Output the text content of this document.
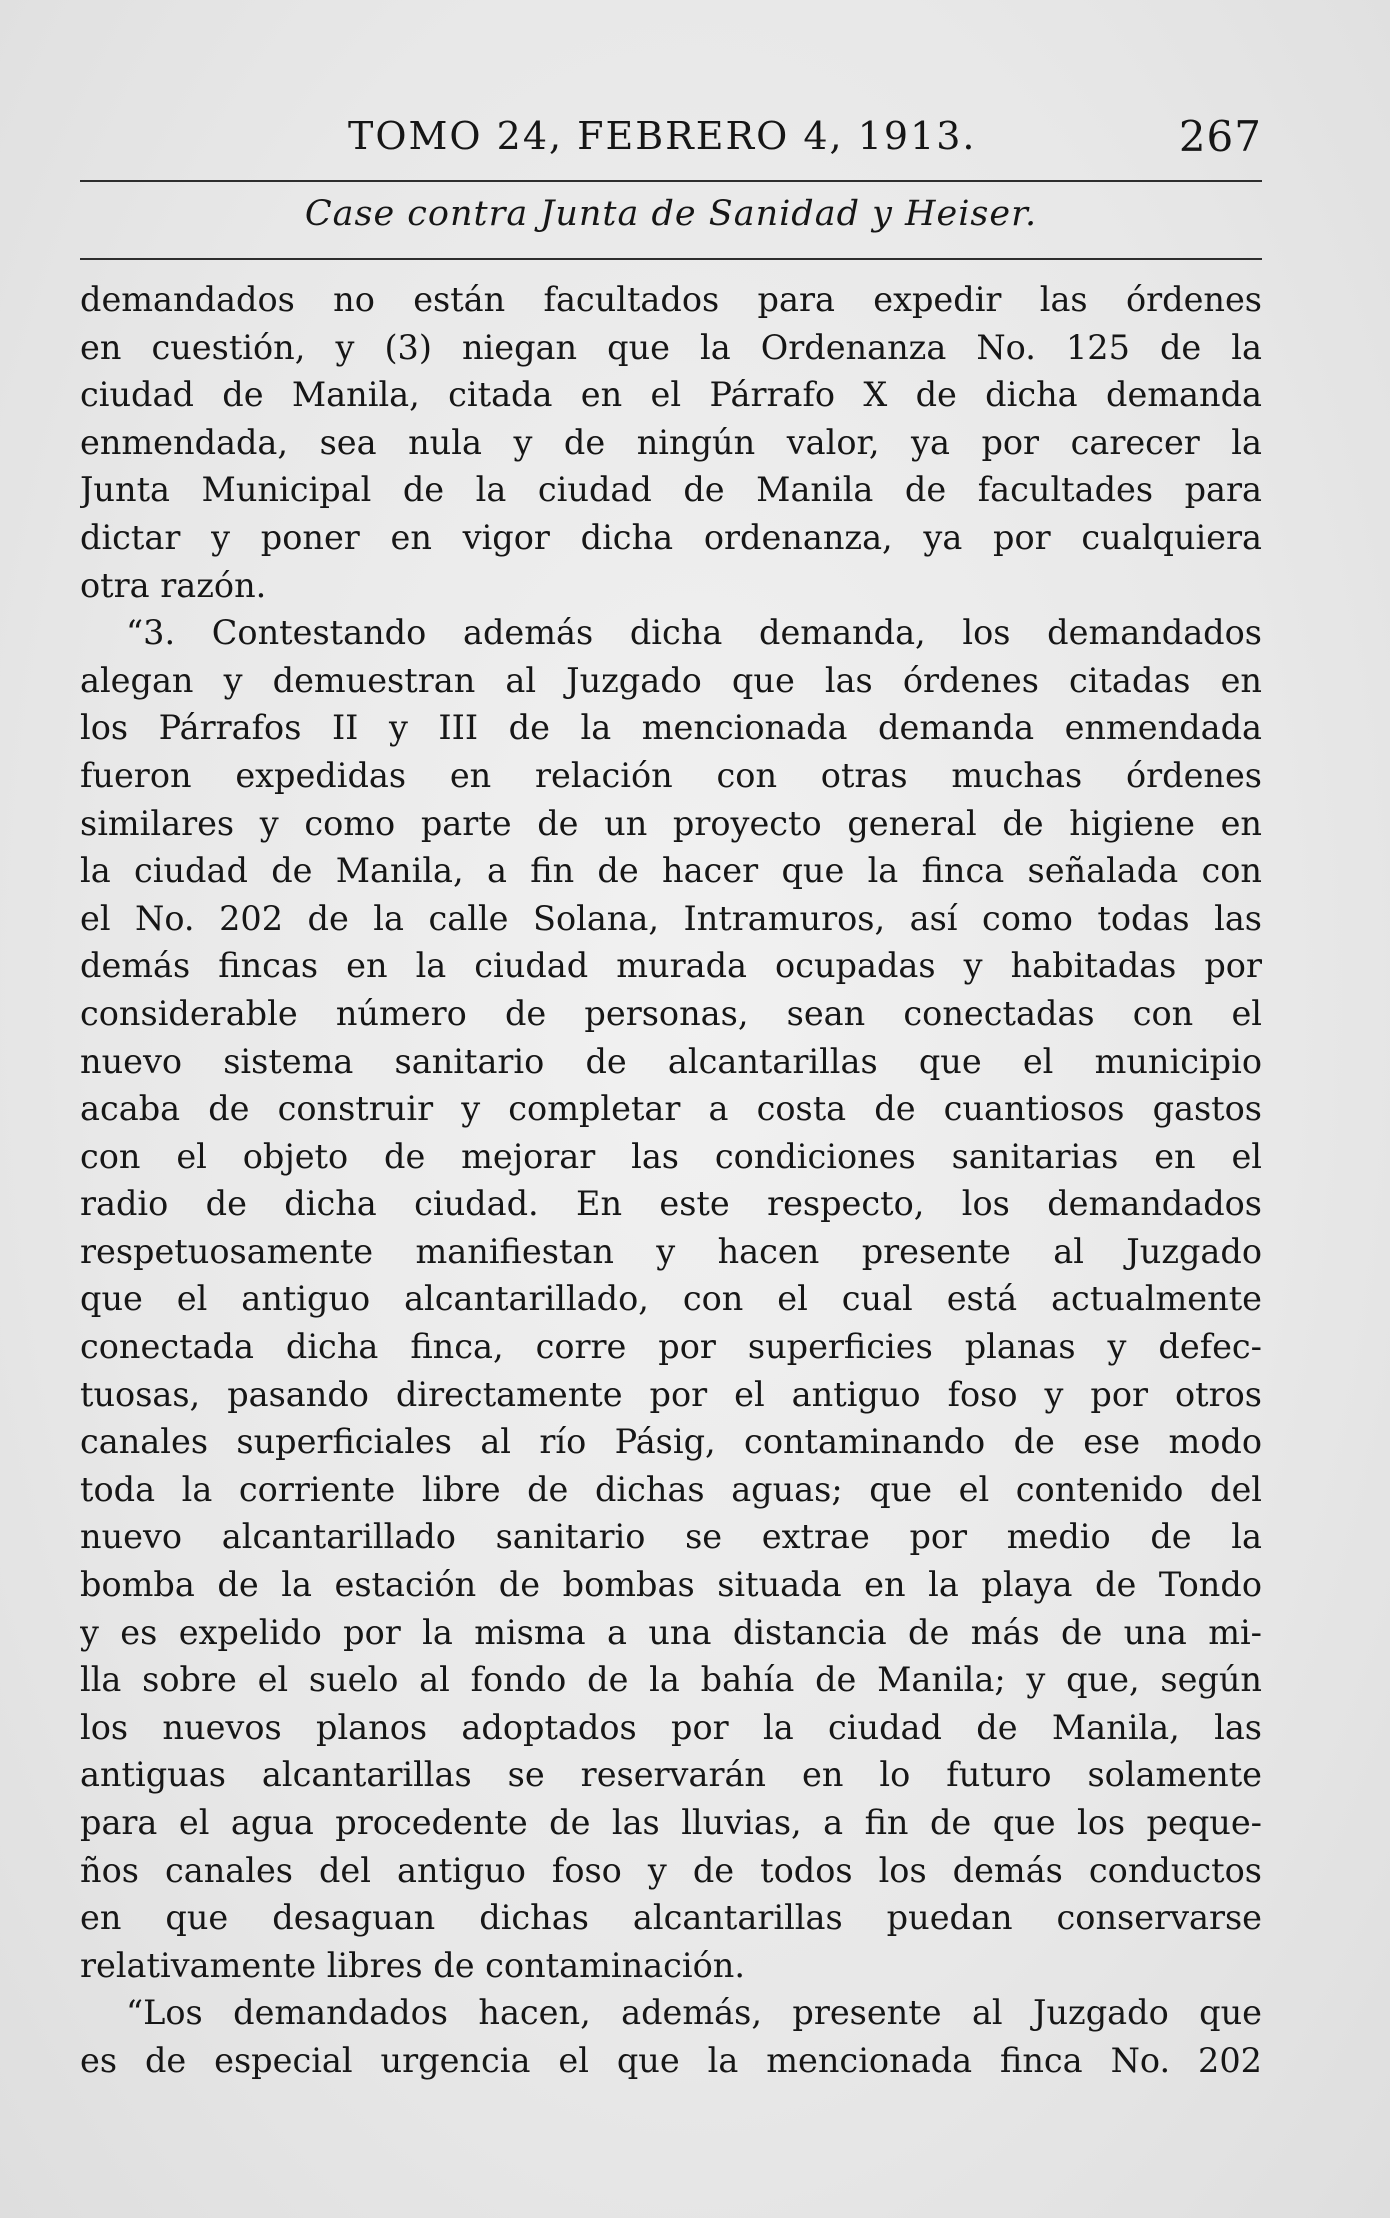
TOMO 24, FEBRERO 4, 1913.	267
Case contra Junta de Sanidad y Heiser.
demandados no están facultados para expedir las órdenes
en cuestión, y (3) niegan que la Ordenanza No. 125 de la
ciudad de Manila, citada en el Párrafo X de dicha demanda
enmendada, sea nula y de ningún valor, ya por carecer la
Junta Municipal de la ciudad de Manila de facultades para
dictar y poner en vigor dicha ordenanza, ya por cualquiera
otra razón.
“3. Contestando además dicha demanda, los demandados
alegan y demuestran al Juzgado que las órdenes citadas en
los Párrafos II y III de la mencionada demanda enmendada
fueron expedidas en relación con otras muchas órdenes
similares y como parte de un proyecto general de higiene en
la ciudad de Manila, a fin de hacer que la finca señalada con
el No. 202 de la calle Solana, Intramuros, así como todas las
demás fincas en la ciudad murada ocupadas y habitadas por
considerable número de personas, sean conectadas con el
nuevo sistema sanitario de alcantarillas que el municipio
acaba de construir y completar a costa de cuantiosos gastos
con el objeto de mejorar las condiciones sanitarias en el
radio de dicha ciudad. En este respecto, los demandados
respetuosamente manifiestan y hacen presente al Juzgado
que el antiguo alcantarillado, con el cual está actualmente
conectada dicha finca, corre por superficies planas y defec-
tuosas, pasando directamente por el antiguo foso y por otros
canales superficiales al río Pásig, contaminando de ese modo
toda la corriente libre de dichas aguas; que el contenido del
nuevo alcantarillado sanitario se extrae por medio de la
bomba de la estación de bombas situada en la playa de Tondo
y es expelido por la misma a una distancia de más de una mi-
lla sobre el suelo al fondo de la bahía de Manila; y que, según
los nuevos planos adoptados por la ciudad de Manila, las
antiguas alcantarillas se reservarán en lo futuro solamente
para el agua procedente de las lluvias, a fin de que los peque-
ños canales del antiguo foso y de todos los demás conductos
en que desaguan dichas alcantarillas puedan conservarse
relativamente libres de contaminación.
“Los demandados hacen, además, presente al Juzgado que
es de especial urgencia el que la mencionada finca No. 202
